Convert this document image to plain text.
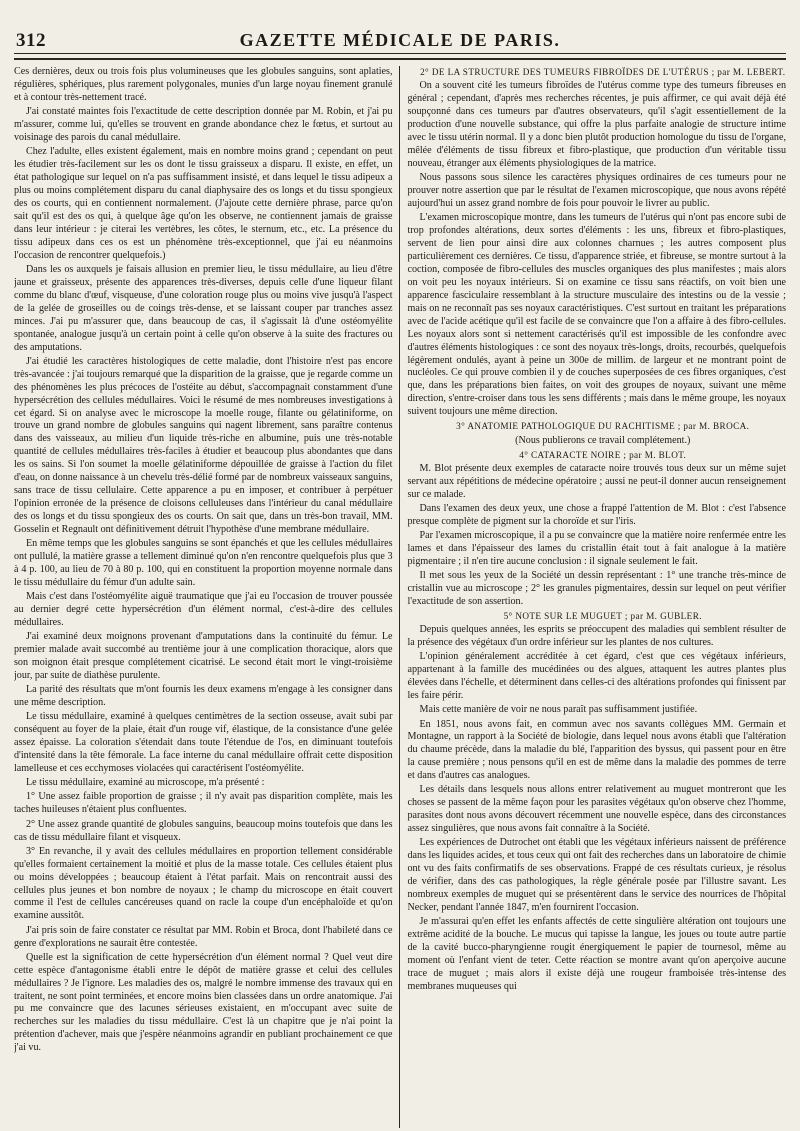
312	GAZETTE MÉDICALE DE PARIS.

Ces dernières, deux ou trois fois plus volumineuses que les globules sanguins, sont aplaties, régulières, sphériques, plus rarement polygonales, munies d'un large noyau finement granulé et à contour très-nettement tracé.

J'ai constaté maintes fois l'exactitude de cette description donnée par M. Robin, et j'ai pu m'assurer, comme lui, qu'elles se trouvent en grande abondance chez le fœtus, et surtout au voisinage des parois du canal médullaire.

Chez l'adulte, elles existent également, mais en nombre moins grand ; cependant on peut les étudier très-facilement sur les os dont le tissu graisseux a disparu. Il existe, en effet, un état pathologique sur lequel on n'a pas suffisamment insisté, et dans lequel le tissu adipeux a plus ou moins complétement disparu du canal diaphysaire des os longs et du tissu spongieux des os courts, qui en contiennent normalement. (J'ajoute cette dernière phrase, parce qu'on sait qu'il est des os qui, à quelque âge qu'on les observe, ne contiennent jamais de graisse dans leur intérieur : je citerai les vertèbres, les côtes, le sternum, etc., etc. La présence du tissu adipeux dans ces os est un phénomène très-exceptionnel, que j'ai eu néanmoins l'occasion de rencontrer quelquefois.)

Dans les os auxquels je faisais allusion en premier lieu, le tissu médullaire, au lieu d'être jaune et graisseux, présente des apparences très-diverses, depuis celle d'une liqueur filant comme du blanc d'œuf, visqueuse, d'une coloration rouge plus ou moins vive jusqu'à l'aspect de la gelée de groseilles ou de coings très-dense, et se laissant couper par tranches assez minces. J'ai pu m'assurer que, dans beaucoup de cas, il s'agissait là d'une ostéomyélite spontanée, analogue jusqu'à un certain point à celle qu'on observe à la suite des fractures ou des amputations.

J'ai étudié les caractères histologiques de cette maladie, dont l'histoire n'est pas encore très-avancée : j'ai toujours remarqué que la disparition de la graisse, que je regarde comme un des phénomènes les plus précoces de l'ostéite au début, s'accompagnait constamment d'une hypersécrétion des cellules médullaires. Voici le résumé de mes nombreuses investigations à cet égard. Si on analyse avec le microscope la moelle rouge, filante ou gélatiniforme, on trouve un grand nombre de globules sanguins qui nagent librement, sans paraître contenus dans des vaisseaux, au milieu d'un liquide très-riche en albumine, puis une très-notable quantité de cellules médullaires très-faciles à étudier et beaucoup plus abondantes que dans les os sains. Si l'on soumet la moelle gélatiniforme dépouillée de graisse à l'action du filet d'eau, on donne naissance à un chevelu très-délié formé par de nombreux vaisseaux sanguins, sans trace de tissu cellulaire. Cette apparence a pu en imposer, et contribuer à perpétuer l'opinion erronée de la présence de cloisons celluleuses dans l'intérieur du canal médullaire des os longs et du tissu spongieux des os courts. On sait que, dans un très-bon travail, MM. Gosselin et Regnault ont définitivement détruit l'hypothèse d'une membrane médullaire.

En même temps que les globules sanguins se sont épanchés et que les cellules médullaires ont pullulé, la matière grasse a tellement diminué qu'on n'en rencontre quelquefois plus que 3 à 4 p. 100, au lieu de 70 à 80 p. 100, qui en constituent la proportion moyenne normale dans le tissu médullaire du fémur d'un adulte sain.

Mais c'est dans l'ostéomyélite aiguë traumatique que j'ai eu l'occasion de trouver poussée au dernier degré cette hypersécrétion d'un élément normal, c'est-à-dire des cellules médullaires.

J'ai examiné deux moignons provenant d'amputations dans la continuité du fémur. Le premier malade avait succombé au trentième jour à une complication thoracique, alors que son moignon était presque complétement cicatrisé. Le second était mort le vingt-troisième jour, par suite de diathèse purulente.

La parité des résultats que m'ont fournis les deux examens m'engage à les consigner dans une même description.

Le tissu médullaire, examiné à quelques centimètres de la section osseuse, avait subi par conséquent au foyer de la plaie, était d'un rouge vif, élastique, de la consistance d'une gelée assez épaisse. La coloration s'étendait dans toute l'étendue de l'os, en diminuant toutefois d'intensité dans la tête fémorale. La face interne du canal médullaire offrait cette disposition lamelleuse et ces ecchymoses violacées qui caractérisent l'ostéomyélite.

Le tissu médullaire, examiné au microscope, m'a présenté :

1° Une assez faible proportion de graisse ; il n'y avait pas disparition complète, mais les taches huileuses n'étaient plus confluentes.

2° Une assez grande quantité de globules sanguins, beaucoup moins toutefois que dans les cas de tissu médullaire filant et visqueux.

3° En revanche, il y avait des cellules médullaires en proportion tellement considérable qu'elles formaient certainement la moitié et plus de la masse totale. Ces cellules étaient plus ou moins développées ; beaucoup étaient à l'état parfait. Mais on rencontrait aussi des cellules plus jeunes et bon nombre de noyaux ; le champ du microscope en était couvert comme il l'est de cellules cancéreuses quand on racle la coupe d'un encéphaloïde et qu'on examine aussitôt.

J'ai pris soin de faire constater ce résultat par MM. Robin et Broca, dont l'habileté dans ce genre d'explorations ne saurait être contestée.

Quelle est la signification de cette hypersécrétion d'un élément normal ? Quel veut dire cette espèce d'antagonisme établi entre le dépôt de matière grasse et celui des cellules médullaires ? Je l'ignore. Les maladies des os, malgré le nombre immense des travaux qui en traitent, ne sont point terminées, et encore moins bien classées dans un ordre anatomique. J'ai pu me convaincre que des lacunes sérieuses existaient, en m'occupant avec suite de recherches sur les maladies du tissu médullaire. C'est là un chapitre que je n'ai point la prétention d'achever, mais que j'espère néanmoins agrandir en publiant prochainement ce que j'ai vu.

2° DE LA STRUCTURE DES TUMEURS FIBROÏDES DE L'UTÉRUS ; par M. LEBERT.

On a souvent cité les tumeurs fibroïdes de l'utérus comme type des tumeurs fibreuses en général ; cependant, d'après mes recherches récentes, je puis affirmer, ce qui avait déjà été soupçonné dans ces tumeurs par d'autres observateurs, qu'il s'agit essentiellement de la production d'une nouvelle substance, qui offre la plus parfaite analogie de structure intime avec le tissu utérin normal. Il y a donc bien plutôt production homologue du tissu de l'organe, mêlée d'éléments de tissu fibreux et fibro-plastique, que production d'un véritable tissu nouveau, étranger aux éléments physiologiques de la matrice.

Nous passons sous silence les caractères physiques ordinaires de ces tumeurs pour ne prouver notre assertion que par le résultat de l'examen microscopique, que nous avons répété aujourd'hui un assez grand nombre de fois pour pouvoir le livrer au public.

L'examen microscopique montre, dans les tumeurs de l'utérus qui n'ont pas encore subi de trop profondes altérations, deux sortes d'éléments : les uns, fibreux et fibro-plastiques, servent de lien pour ainsi dire aux colonnes charnues ; les autres composent plus particulièrement ces dernières. Ce tissu, d'apparence striée, et fibreuse, se montre surtout à la coction, composée de fibro-cellules des muscles organiques des plus manifestes ; mais alors on voit peu les noyaux intérieurs. Si on examine ce tissu sans réactifs, on voit bien une apparence fasciculaire ressemblant à la structure musculaire des intestins ou de la vessie ; mais on ne reconnaît pas ses noyaux caractéristiques. C'est surtout en traitant les préparations avec de l'acide acétique qu'il est facile de se convaincre que l'on a affaire à des fibro-cellules. Les noyaux alors sont si nettement caractérisés qu'il est impossible de les confondre avec d'autres éléments histologiques : ce sont des noyaux très-longs, droits, recourbés, quelquefois légèrement ondulés, ayant à peine un 300e de millim. de largeur et ne montrant point de nucléoles. Ce qui prouve combien il y de couches superposées de ces fibres organiques, c'est que, dans les préparations bien faites, on voit des groupes de noyaux, suivant une même direction, s'entre-croiser dans tous les sens différents ; mais dans le même groupe, les noyaux suivent toujours une même direction.

3° ANATOMIE PATHOLOGIQUE DU RACHITISME ; par M. BROCA.

(Nous publierons ce travail complétement.)

4° CATARACTE NOIRE ; par M. BLOT.

M. Blot présente deux exemples de cataracte noire trouvés tous deux sur un même sujet servant aux répétitions de médecine opératoire ; aussi ne peut-il donner aucun renseignement sur ce malade.

Dans l'examen des deux yeux, une chose a frappé l'attention de M. Blot : c'est l'absence presque complète de pigment sur la choroïde et sur l'iris.

Par l'examen microscopique, il a pu se convaincre que la matière noire renfermée entre les lames et dans l'épaisseur des lames du cristallin était tout à fait analogue à la matière pigmentaire ; il n'en tire aucune conclusion : il signale seulement le fait.

Il met sous les yeux de la Société un dessin représentant : 1° une tranche très-mince de cristallin vue au microscope ; 2° les granules pigmentaires, dessin sur lequel on peut vérifier l'exactitude de son assertion.

5° NOTE SUR LE MUGUET ; par M. GUBLER.

Depuis quelques années, les esprits se préoccupent des maladies qui semblent résulter de la présence des végétaux d'un ordre inférieur sur les plantes de nos cultures.

L'opinion généralement accréditée à cet égard, c'est que ces végétaux inférieurs, appartenant à la famille des mucédinées ou des algues, attaquent les autres plantes plus élevées dans l'échelle, et déterminent dans celles-ci des altérations profondes qui finissent par les faire périr.

Mais cette manière de voir ne nous paraît pas suffisamment justifiée.

En 1851, nous avons fait, en commun avec nos savants collègues MM. Germain et Montagne, un rapport à la Société de biologie, dans lequel nous avons établi que l'altération du chaume précède, dans la maladie du blé, l'apparition des byssus, qui passent pour en être la cause première ; nous pensons qu'il en est de même dans la maladie des pommes de terre et dans d'autres cas analogues.

Les détails dans lesquels nous allons entrer relativement au muguet montreront que les choses se passent de la même façon pour les parasites végétaux qu'on observe chez l'homme, parasites dont nous avons découvert récemment une nouvelle espèce, dans des circonstances assez singulières, que nous avons fait connaître à la Société.

Les expériences de Dutrochet ont établi que les végétaux inférieurs naissent de préférence dans les liquides acides, et tous ceux qui ont fait des recherches dans un laboratoire de chimie ont vu des faits confirmatifs de ses observations. Frappé de ces résultats curieux, je résolus de vérifier, dans des cas pathologiques, la règle générale posée par l'illustre savant. Les nombreux exemples de muguet qui se présentèrent dans le service des nourrices de l'hôpital Necker, pendant l'année 1847, m'en fournirent l'occasion.

Je m'assurai qu'en effet les enfants affectés de cette singulière altération ont toujours une extrême acidité de la bouche. Le mucus qui tapisse la langue, les joues ou toute autre partie de la cavité bucco-pharyngienne rougit énergiquement le papier de tournesol, même au moment où l'enfant vient de teter. Cette réaction se montre avant qu'on aperçoive aucune trace de muguet ; mais alors il existe déjà une rougeur framboisée très-intense des membranes muqueuses qui
